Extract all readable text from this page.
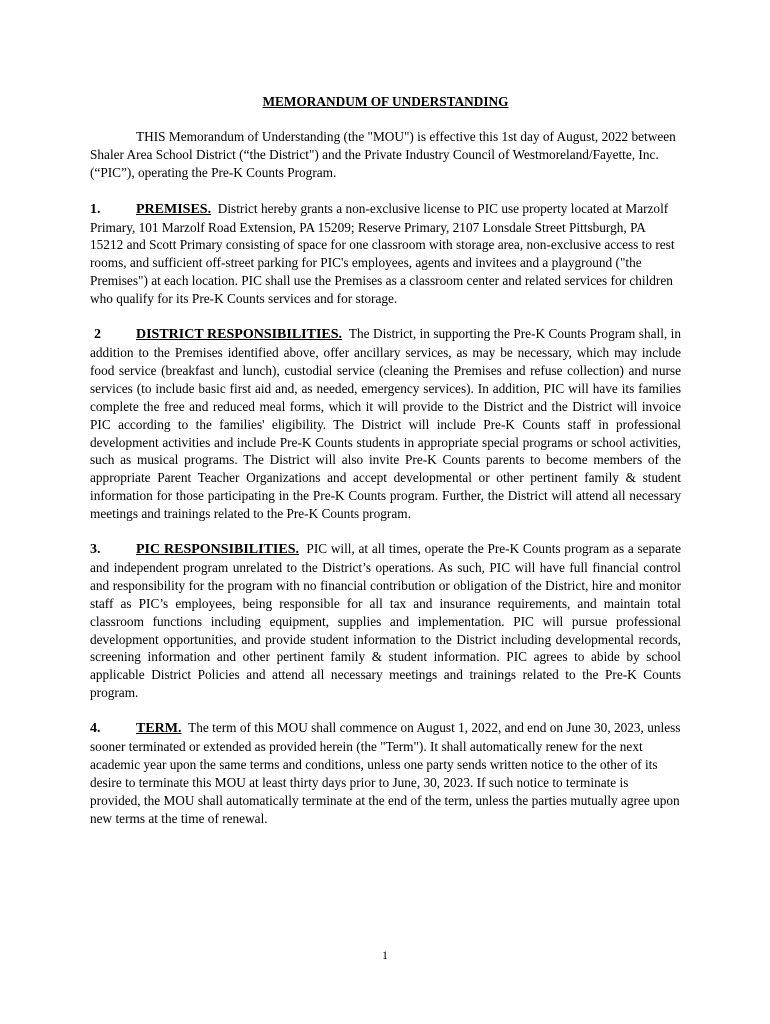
MEMORANDUM OF UNDERSTANDING

THIS Memorandum of Understanding (the "MOU") is effective this 1st day of August, 2022 between Shaler Area School District (“the District") and the Private Industry Council of Westmoreland/Fayette, Inc. (“PIC”), operating the Pre-K Counts Program.

1.	PREMISES. District hereby grants a non-exclusive license to PIC use property located at Marzolf Primary, 101 Marzolf Road Extension, PA 15209; Reserve Primary, 2107 Lonsdale Street Pittsburgh, PA 15212 and Scott Primary consisting of space for one classroom with storage area, non-exclusive access to rest rooms, and sufficient off-street parking for PIC's employees, agents and invitees and a playground ("the Premises") at each location. PIC shall use the Premises as a classroom center and related services for children who qualify for its Pre-K Counts services and for storage.
2	DISTRICT RESPONSIBILITIES. The District, in supporting the Pre-K Counts Program shall, in addition to the Premises identified above, offer ancillary services, as may be necessary, which may include food service (breakfast and lunch), custodial service (cleaning the Premises and refuse collection) and nurse services (to include basic first aid and, as needed, emergency services). In addition, PIC will have its families complete the free and reduced meal forms, which it will provide to the District and the District will invoice PIC according to the families' eligibility. The District will include Pre-K Counts staff in professional development activities and include Pre-K Counts students in appropriate special programs or school activities, such as musical programs. The District will also invite Pre-K Counts parents to become members of the appropriate Parent Teacher Organizations and accept developmental or other pertinent family & student information for those participating in the Pre-K Counts program. Further, the District will attend all necessary meetings and trainings related to the Pre-K Counts program.
3.	PIC RESPONSIBILITIES. PIC will, at all times, operate the Pre-K Counts program as a separate and independent program unrelated to the District’s operations. As such, PIC will have full financial control and responsibility for the program with no financial contribution or obligation of the District, hire and monitor staff as PIC’s employees, being responsible for all tax and insurance requirements, and maintain total classroom functions including equipment, supplies and implementation. PIC will pursue professional development opportunities, and provide student information to the District including developmental records, screening information and other pertinent family & student information. PIC agrees to abide by school applicable District Policies and attend all necessary meetings and trainings related to the Pre-K Counts program.
4.	TERM. The term of this MOU shall commence on August 1, 2022, and end on June 30, 2023, unless sooner terminated or extended as provided herein (the "Term"). It shall automatically renew for the next academic year upon the same terms and conditions, unless one party sends written notice to the other of its desire to terminate this MOU at least thirty days prior to June, 30, 2023. If such notice to terminate is provided, the MOU shall automatically terminate at the end of the term, unless the parties mutually agree upon new terms at the time of renewal.
1
